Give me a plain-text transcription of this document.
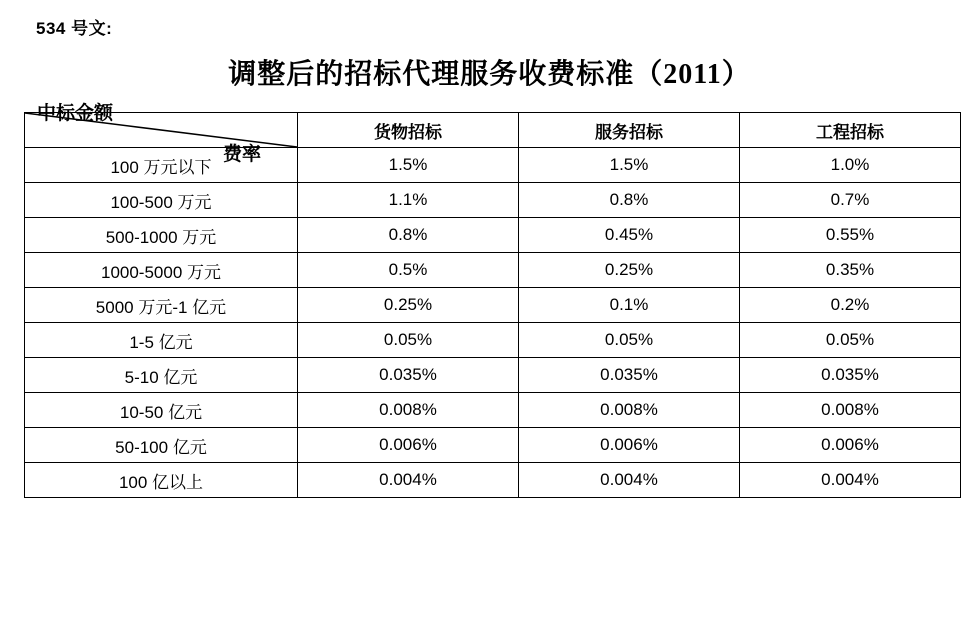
534 号文:
调整后的招标代理服务收费标准（2011）
费率
中标金额	货物招标	服务招标	工程招标
100 万元以下	1.5%	1.5%	1.0%
100-500 万元	1.1%	0.8%	0.7%
500-1000 万元	0.8%	0.45%	0.55%
1000-5000 万元	0.5%	0.25%	0.35%
5000 万元-1 亿元	0.25%	0.1%	0.2%
1-5 亿元	0.05%	0.05%	0.05%
5-10 亿元	0.035%	0.035%	0.035%
10-50 亿元	0.008%	0.008%	0.008%
50-100 亿元	0.006%	0.006%	0.006%
100 亿以上	0.004%	0.004%	0.004%
